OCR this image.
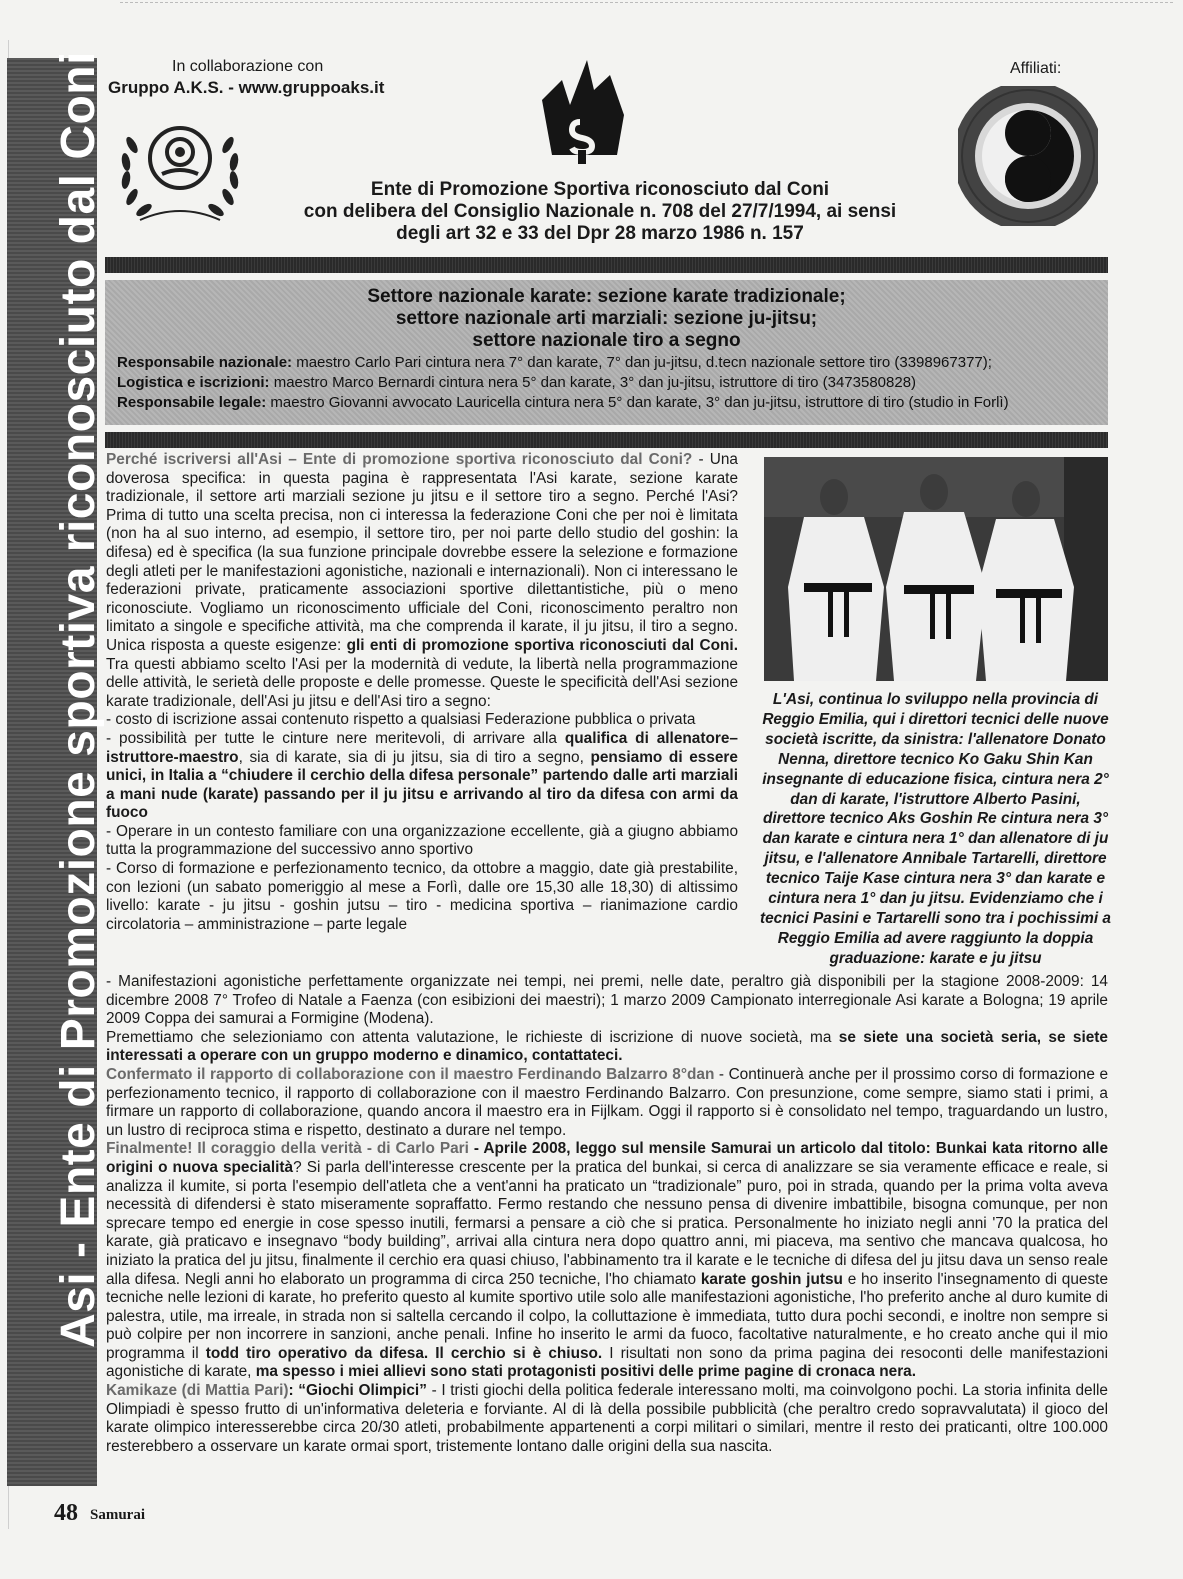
Asi - Ente di Promozione sportiva riconosciuto dal Coni	In collaborazione con
Gruppo A.K.S. - www.gruppoaks.it
Affiliati:
Ente di Promozione Sportiva riconosciuto dal Coni
con delibera del Consiglio Nazionale n. 708 del 27/7/1994, ai sensi
degli art 32 e 33 del Dpr 28 marzo 1986 n. 157
Settore nazionale karate: sezione karate tradizionale;
settore nazionale arti marziali: sezione ju-jitsu;
settore nazionale tiro a segno
Responsabile nazionale: maestro Carlo Pari cintura nera 7° dan karate, 7° dan ju-jitsu, d.tecn nazionale settore tiro (3398967377);
Logistica e iscrizioni: maestro Marco Bernardi cintura nera 5° dan karate, 3° dan ju-jitsu, istruttore di tiro (3473580828)
Responsabile legale: maestro Giovanni avvocato Lauricella cintura nera 5° dan karate, 3° dan ju-jitsu, istruttore di tiro (studio in Forlì)

Perché iscriversi all'Asi – Ente di promozione sportiva riconosciuto dal Coni? - Una doverosa specifica: in questa pagina è rappresentata l'Asi karate, sezione karate tradizionale, il settore arti marziali sezione ju jitsu e il settore tiro a segno. Perché l'Asi? Prima di tutto una scelta precisa, non ci interessa la federazione Coni che per noi è limitata (non ha al suo interno, ad esempio, il settore tiro, per noi parte dello studio del goshin: la difesa) ed è specifica (la sua funzione principale dovrebbe essere la selezione e formazione degli atleti per le manifestazioni agonistiche, nazionali e internazionali). Non ci interessano le federazioni private, praticamente associazioni sportive dilettantistiche, più o meno riconosciute. Vogliamo un riconoscimento ufficiale del Coni, riconoscimento peraltro non limitato a singole e specifiche attività, ma che comprenda il karate, il ju jitsu, il tiro a segno. Unica risposta a queste esigenze: gli enti di promozione sportiva riconosciuti dal Coni. Tra questi abbiamo scelto l'Asi per la modernità di vedute, la libertà nella programmazione delle attività, le serietà delle proposte e delle promesse. Queste le specificità dell'Asi sezione karate tradizionale, dell'Asi ju jitsu e dell'Asi tiro a segno:

- costo di iscrizione assai contenuto rispetto a qualsiasi Federazione pubblica o privata

- possibilità per tutte le cinture nere meritevoli, di arrivare alla qualifica di allenatore–istruttore-maestro, sia di karate, sia di ju jitsu, sia di tiro a segno, pensiamo di essere unici, in Italia a “chiudere il cerchio della difesa personale” partendo dalle arti marziali a mani nude (karate) passando per il ju jitsu e arrivando al tiro da difesa con armi da fuoco

- Operare in un contesto familiare con una organizzazione eccellente, già a giugno abbiamo tutta la programmazione del successivo anno sportivo

- Corso di formazione e perfezionamento tecnico, da ottobre a maggio, date già prestabilite, con lezioni (un sabato pomeriggio al mese a Forlì, dalle ore 15,30 alle 18,30) di altissimo livello: karate - ju jitsu - goshin jutsu – tiro - medicina sportiva – rianimazione cardio circolatoria – amministrazione – parte legale

L'Asi, continua lo sviluppo nella provincia di Reggio Emilia, qui i direttori tecnici delle nuove società iscritte, da sinistra: l'allenatore Donato Nenna, direttore tecnico Ko Gaku Shin Kan insegnante di educazione fisica, cintura nera 2° dan di karate, l'istruttore Alberto Pasini, direttore tecnico Aks Goshin Re cintura nera 3° dan karate e cintura nera 1° dan allenatore di ju jitsu, e l'allenatore Annibale Tartarelli, direttore tecnico Taije Kase cintura nera 3° dan karate e cintura nera 1° dan ju jitsu. Evidenziamo che i tecnici Pasini e Tartarelli sono tra i pochissimi a Reggio Emilia ad avere raggiunto la doppia graduazione: karate e ju jitsu

- Manifestazioni agonistiche perfettamente organizzate nei tempi, nei premi, nelle date, peraltro già disponibili per la stagione 2008-2009: 14 dicembre 2008 7° Trofeo di Natale a Faenza (con esibizioni dei maestri); 1 marzo 2009 Campionato interregionale Asi karate a Bologna; 19 aprile 2009 Coppa dei samurai a Formigine (Modena).

Premettiamo che selezioniamo con attenta valutazione, le richieste di iscrizione di nuove società, ma se siete una società seria, se siete interessati a operare con un gruppo moderno e dinamico, contattateci.

Confermato il rapporto di collaborazione con il maestro Ferdinando Balzarro 8°dan - Continuerà anche per il prossimo corso di formazione e perfezionamento tecnico, il rapporto di collaborazione con il maestro Ferdinando Balzarro. Con presunzione, come sempre, siamo stati i primi, a firmare un rapporto di collaborazione, quando ancora il maestro era in Fijlkam. Oggi il rapporto si è consolidato nel tempo, traguardando un lustro, un lustro di reciproca stima e rispetto, destinato a durare nel tempo.

Finalmente! Il coraggio della verità - di Carlo Pari - Aprile 2008, leggo sul mensile Samurai un articolo dal titolo: Bunkai kata ritorno alle origini o nuova specialità? Si parla dell'interesse crescente per la pratica del bunkai, si cerca di analizzare se sia veramente efficace e reale, si analizza il kumite, si porta l'esempio dell'atleta che a vent'anni ha praticato un “tradizionale” puro, poi in strada, quando per la prima volta aveva necessità di difendersi è stato miseramente sopraffatto. Fermo restando che nessuno pensa di divenire imbattibile, bisogna comunque, per non sprecare tempo ed energie in cose spesso inutili, fermarsi a pensare a ciò che si pratica. Personalmente ho iniziato negli anni '70 la pratica del karate, già praticavo e insegnavo “body building”, arrivai alla cintura nera dopo quattro anni, mi piaceva, ma sentivo che mancava qualcosa, ho iniziato la pratica del ju jitsu, finalmente il cerchio era quasi chiuso, l'abbinamento tra il karate e le tecniche di difesa del ju jitsu dava un senso reale alla difesa. Negli anni ho elaborato un programma di circa 250 tecniche, l'ho chiamato karate goshin jutsu e ho inserito l'insegnamento di queste tecniche nelle lezioni di karate, ho preferito questo al kumite sportivo utile solo alle manifestazioni agonistiche, l'ho preferito anche al duro kumite di palestra, utile, ma irreale, in strada non si saltella cercando il colpo, la colluttazione è immediata, tutto dura pochi secondi, e inoltre non sempre si può colpire per non incorrere in sanzioni, anche penali. Infine ho inserito le armi da fuoco, facoltative naturalmente, e ho creato anche qui il mio programma il todd tiro operativo da difesa. Il cerchio si è chiuso. I risultati non sono da prima pagina dei resoconti delle manifestazioni agonistiche di karate, ma spesso i miei allievi sono stati protagonisti positivi delle prime pagine di cronaca nera.

Kamikaze (di Mattia Pari): “Giochi Olimpici” - I tristi giochi della politica federale interessano molti, ma coinvolgono pochi. La storia infinita delle Olimpiadi è spesso frutto di un'informativa deleteria e forviante. Al di là della possibile pubblicità (che peraltro credo sopravvalutata) il gioco del karate olimpico interesserebbe circa 20/30 atleti, probabilmente appartenenti a corpi militari o similari, mentre il resto dei praticanti, oltre 100.000 resterebbero a osservare un karate ormai sport, tristemente lontano dalle origini della sua nascita.

48 Samurai
